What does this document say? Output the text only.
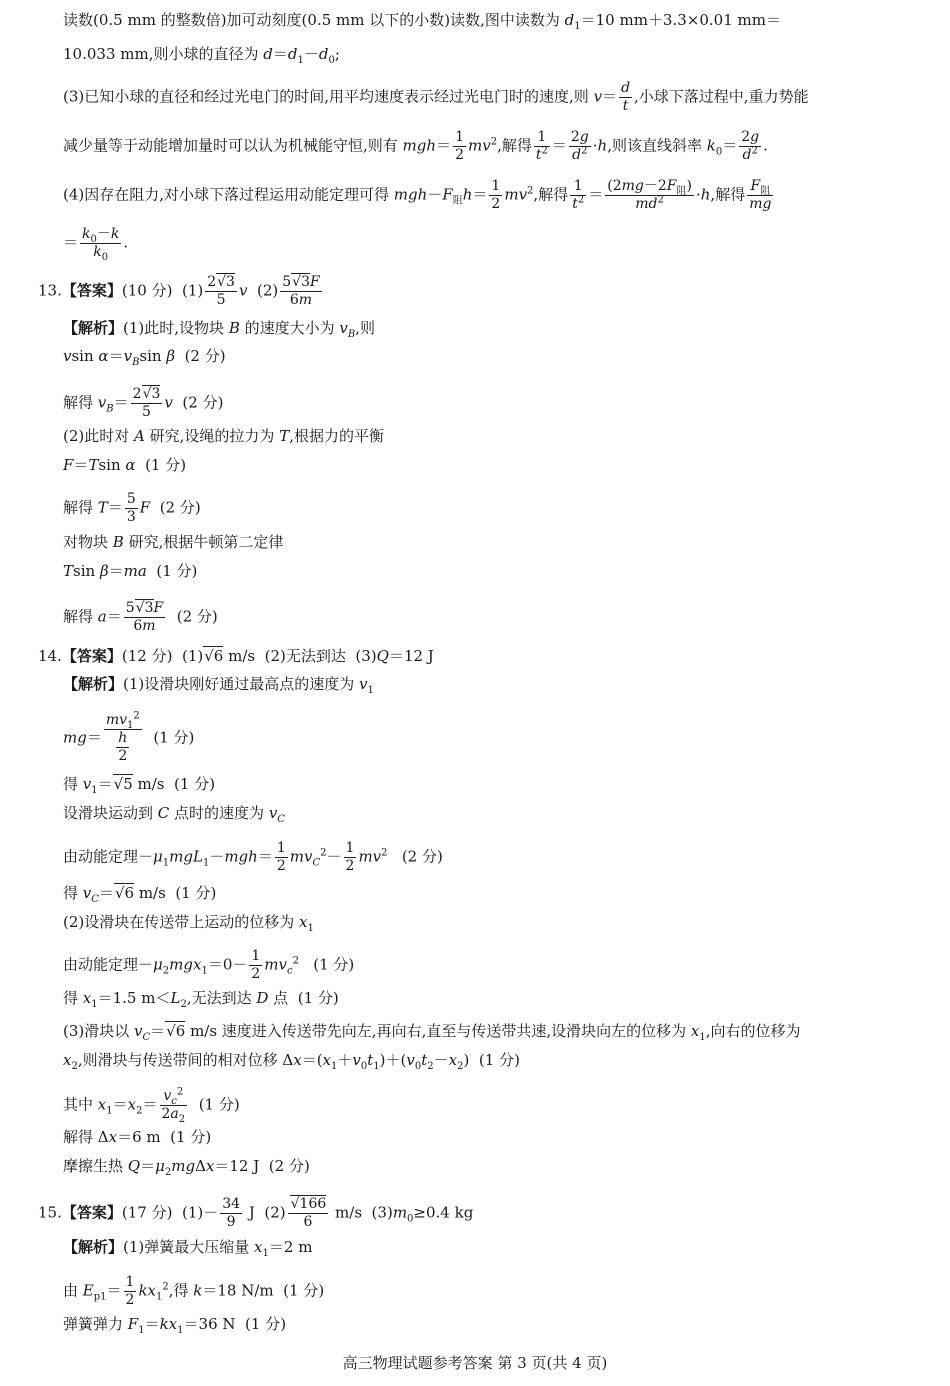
读数(0.5 mm 的整数倍)加可动刻度(0.5 mm 以下的小数)读数,图中读数为 $d_1=10$ mm＋3.3×0.01 mm＝
10.033 mm,则小球的直径为 $d=d_1-d_0$;
(3)已知小球的直径和经过光电门的时间,用平均速度表示经过光电门时的速度,则 $v= \frac{d}{t}$ ,小球下落过程中,重力势能
减少量等于动能增加量时可以认为机械能守恒,则有 $mgh= \frac{1}{2} mv^2$,解得 $\frac{1}{t^2} = \frac{2g}{d^2} \cdot h$,则该直线斜率 $k_0= \frac{2g}{d^2}$ .
(4)因存在阻力,对小球下落过程运用动能定理可得 $mgh-F_阻h= \frac{1}{2} mv^2$,解得 $\frac{1}{t^2} = \frac{(2mg-2F_阻)}{md^2} \cdot h$,解得 $\frac{F_阻}{mg}$
＝ $\frac{k_0-k}{k_0}$ .
13.【答案】(10 分)  $(1) \frac{2√3}{5}$ v  $(2) \frac{5√3F}{6m}$
【解析】(1)此时,设物块 B 的速度大小为 $v_B$,则
vsin $\alpha=v_B\sin$ β  (2 分)
解得 $v_B= \frac{2√3}{5}$ v  (2 分)
(2)此时对 A 研究,设绳的拉力为 T,根据力的平衡
F＝Tsin α  (1 分)
解得 $T= \frac{5}{3}$ F  (2 分)
对物块 B 研究,根据牛顿第二定律
Tsin β＝ma  (1 分)
解得 $a= \frac{5√3F}{6m} (2$ 分)
14.【答案】(12 分)  (1)√6 m/s  (2)无法到达  (3)Q＝12 J
【解析】(1)设滑块刚好通过最高点的速度为 $v_1$
$mg= \frac{mv_1^2}{\frac{h}{2}} (1$ 分)
得 $v_1=√5$ m/s  (1 分)
设滑块运动到 C 点时的速度为 $v_C$
由动能定理$-\mu_1mgL_1-mgh= \frac{1}{2} mv_C^2- \frac{1}{2} mv^2$   (2 分)
得 $v_C=√6$ m/s  (1 分)
(2)设滑块在传送带上运动的位移为 $x_1$
由动能定理$-\mu_2mgx_1=0- \frac{1}{2} mv_c^2$   (1 分)
得 $x_1=1.5$ $m<L_2$,无法到达 D 点  (1 分)
(3)滑块以 $v_C=√6$ m/s 速度进入传送带先向左,再向右,直至与传送带共速,设滑块向左的位移为 $x_1$,向右的位移为
$x_2$,则滑块与传送带间的相对位移 $\Delta x=(x_1+v_0t_1)+(v_0t_2-x_2)$  (1 分)
其中 $x_1=x_2= \frac{v_c^2}{2a_2} (1$ 分)
解得 Δx＝6 m  (1 分)
摩擦生热 $Q=\mu_2mg\Delta x=12$ J  (2 分)
15.【答案】(17 分)  $(1)- \frac{34}{9}$ J  $(2) \frac{√166}{6} m/s$  $(3)m_0\ge 0.4$ kg
【解析】(1)弹簧最大压缩量 $x_1=2$ m
由 $E_{p1}= \frac{1}{2} kx_1^2$,得 k＝18 N/m  (1 分)
弹簧弹力 $F_1=kx_1=36$ N  (1 分)
高三物理试题参考答案 第 3 页(共 4 页)
